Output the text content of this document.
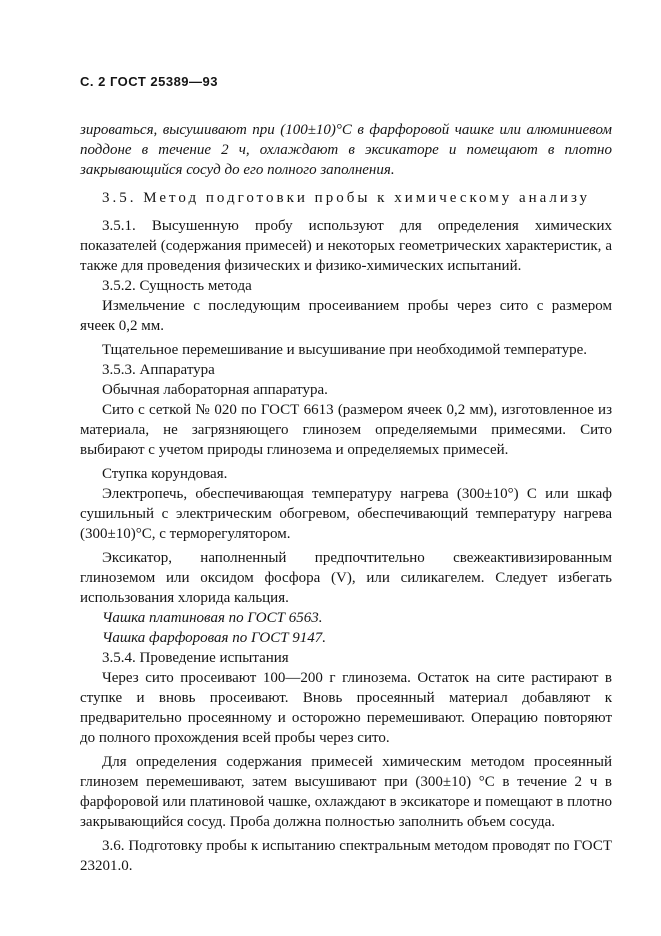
С. 2 ГОСТ 25389—93

зироваться, высушивают при (100±10)°С в фарфоровой чашке или алюминиевом поддоне в течение 2 ч, охлаждают в эксикаторе и помещают в плотно закрывающийся сосуд до его полного заполнения.

3.5. Метод подготовки пробы к химическому анализу

3.5.1. Высушенную пробу используют для определения химических показателей (содержания примесей) и некоторых геометрических характеристик, а также для проведения физических и физико-химических испытаний.

3.5.2. Сущность метода

Измельчение с последующим просеиванием пробы через сито с размером ячеек 0,2 мм.

Тщательное перемешивание и высушивание при необходимой температуре.

3.5.3. Аппаратура

Обычная лабораторная аппаратура.

Сито с сеткой № 020 по ГОСТ 6613 (размером ячеек 0,2 мм), изготовленное из материала, не загрязняющего глинозем определяемыми примесями. Сито выбирают с учетом природы глинозема и определяемых примесей.

Ступка корундовая.

Электропечь, обеспечивающая температуру нагрева (300±10°) С или шкаф сушильный с электрическим обогревом, обеспечивающий температуру нагрева (300±10)°С, с терморегулятором.

Эксикатор, наполненный предпочтительно свежеактивизированным глиноземом или оксидом фосфора (V), или силикагелем. Следует избегать использования хлорида кальция.

Чашка платиновая по ГОСТ 6563.

Чашка фарфоровая по ГОСТ 9147.

3.5.4. Проведение испытания

Через сито просеивают 100—200 г глинозема. Остаток на сите растирают в ступке и вновь просеивают. Вновь просеянный материал добавляют к предварительно просеянному и осторожно перемешивают. Операцию повторяют до полного прохождения всей пробы через сито.

Для определения содержания примесей химическим методом просеянный глинозем перемешивают, затем высушивают при (300±10) °С в течение 2 ч в фарфоровой или платиновой чашке, охлаждают в эксикаторе и помещают в плотно закрывающийся сосуд. Проба должна полностью заполнить объем сосуда.

3.6. Подготовку пробы к испытанию спектральным методом проводят по ГОСТ 23201.0.
